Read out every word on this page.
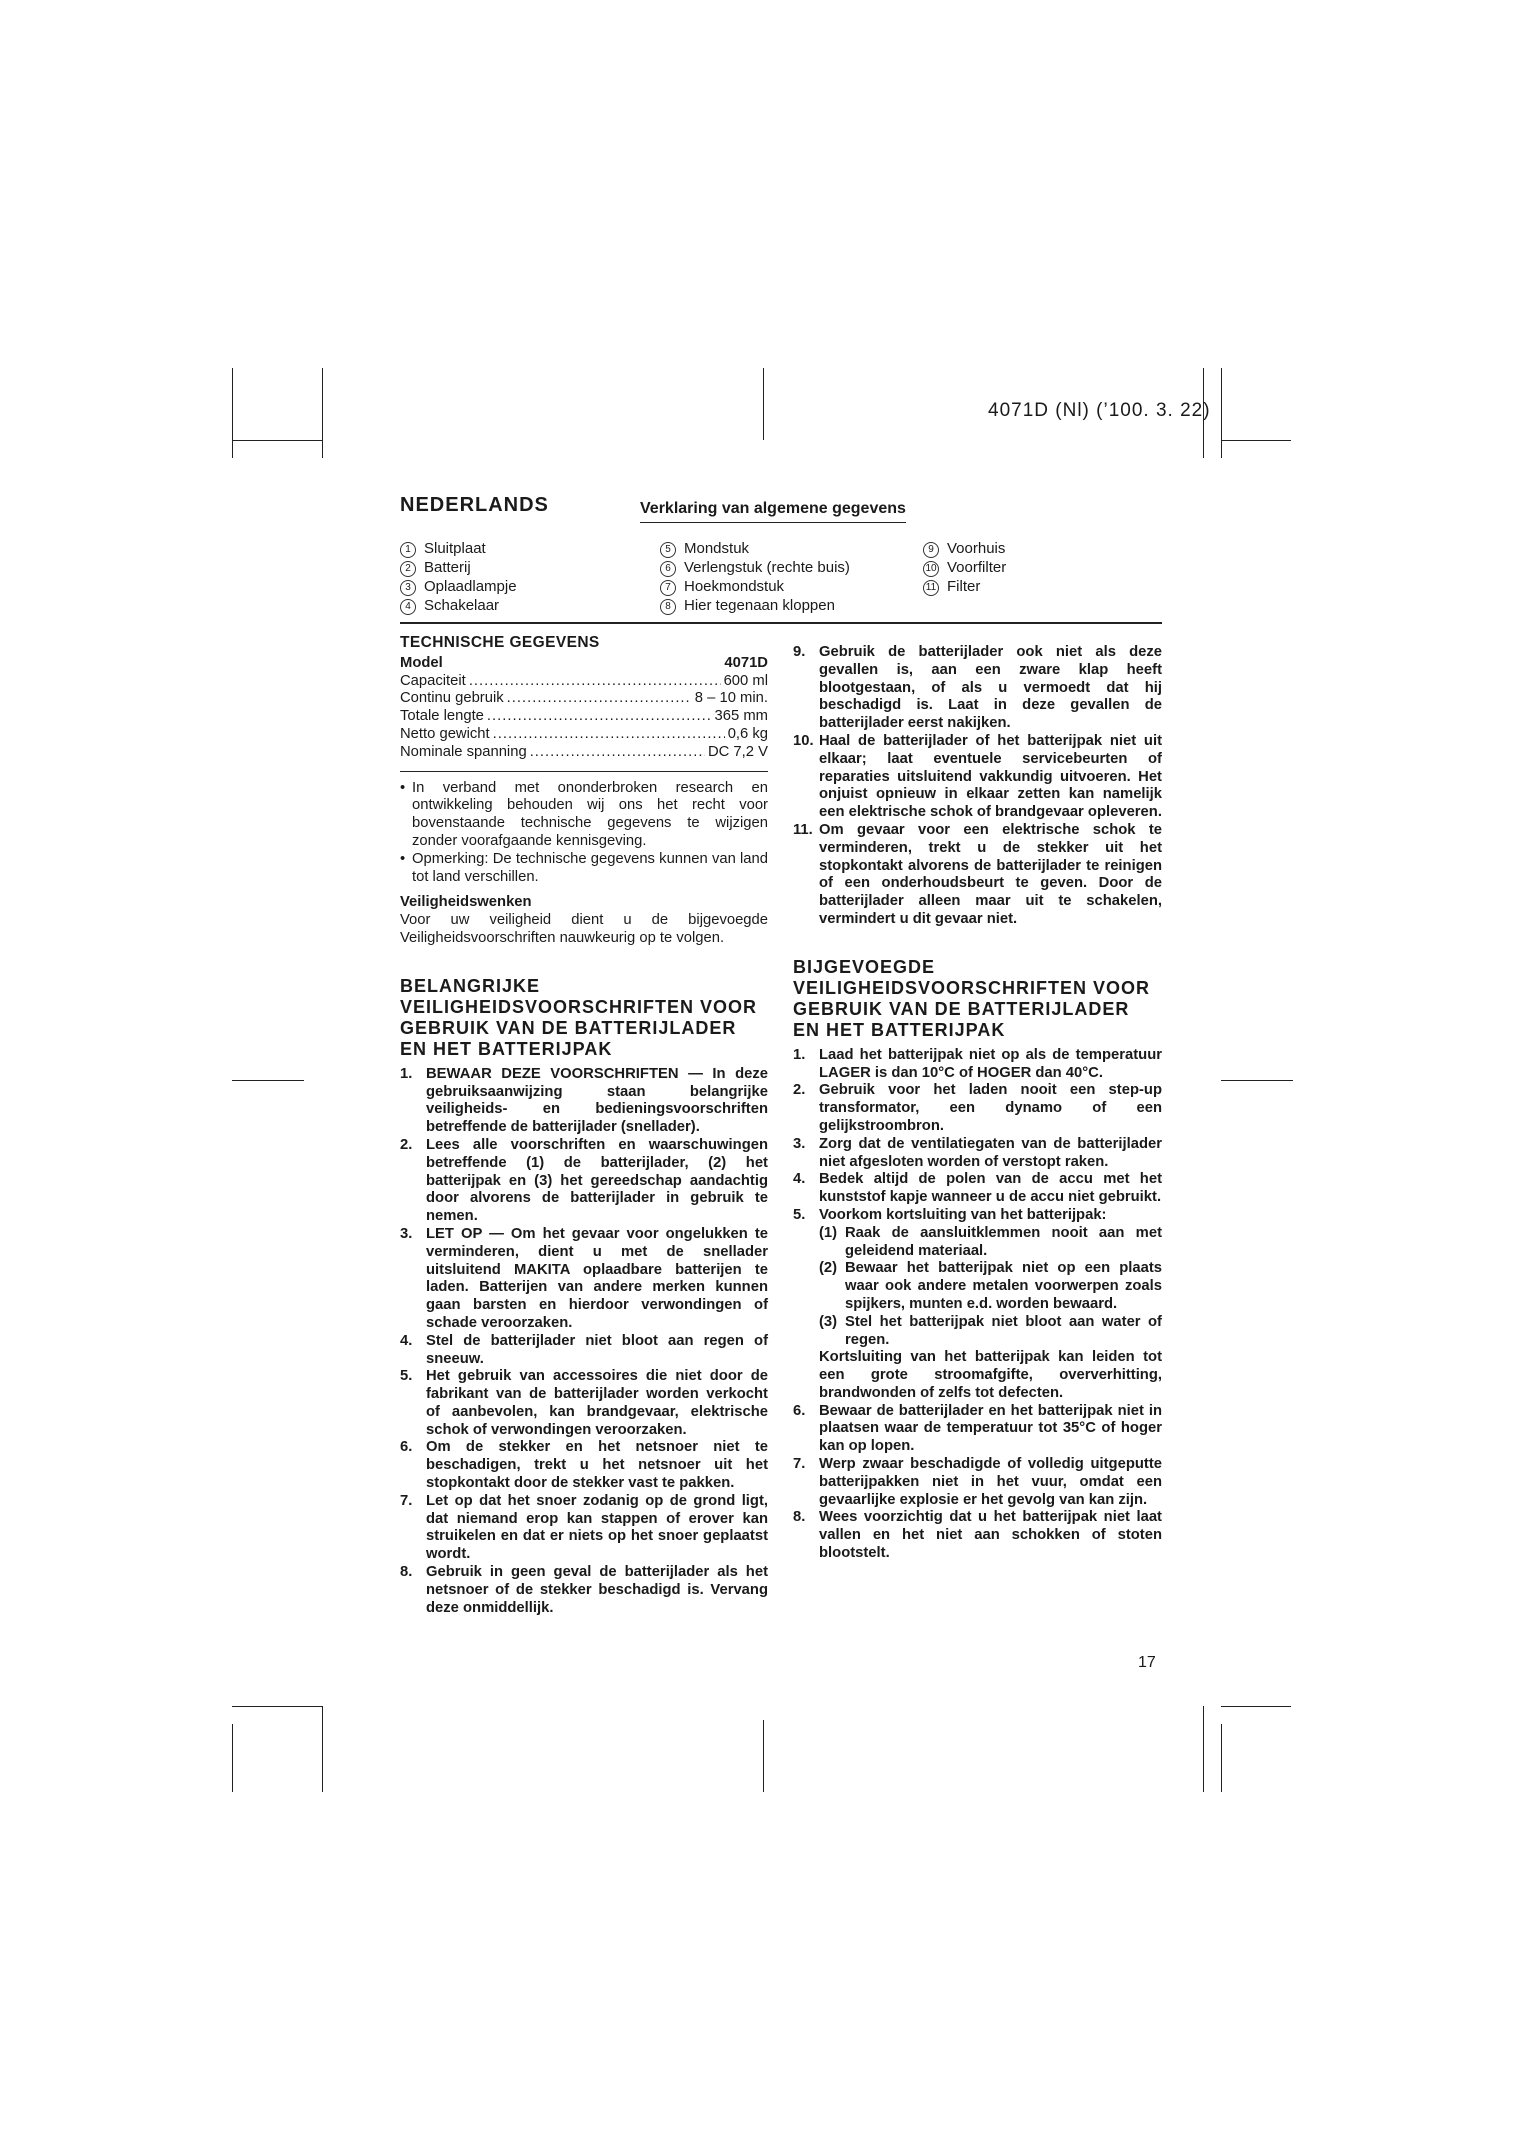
4071D (Nl) (’100. 3. 22)
NEDERLANDS	Verklaring van algemene gegevens
1 Sluitplaat
2 Batterij
3 Oplaadlampje
4 Schakelaar
5 Mondstuk
6 Verlengstuk (rechte buis)
7 Hoekmondstuk
8 Hier tegenaan kloppen
9 Voorhuis
10 Voorfilter
11 Filter
TECHNISCHE GEGEVENS
Model	4071D
Capaciteit .....	600 ml
Continu gebruik .....	8 – 10 min.
Totale lengte .....	365 mm
Netto gewicht .....	0,6 kg
Nominale spanning .....	DC 7,2 V
• In verband met ononderbroken research en ontwikkeling behouden wij ons het recht voor bovenstaande technische gegevens te wijzigen zonder voorafgaande kennisgeving.
• Opmerking: De technische gegevens kunnen van land tot land verschillen.
Veiligheidswenken
Voor uw veiligheid dient u de bijgevoegde Veiligheidsvoorschriften nauwkeurig op te volgen.
BELANGRIJKE VEILIGHEIDSVOORSCHRIFTEN VOOR GEBRUIK VAN DE BATTERIJLADER EN HET BATTERIJPAK
1. BEWAAR DEZE VOORSCHRIFTEN — In deze gebruiksaanwijzing staan belangrijke veiligheids- en bedieningsvoorschriften betreffende de batterijlader (snellader).
2. Lees alle voorschriften en waarschuwingen betreffende (1) de batterijlader, (2) het batterijpak en (3) het gereedschap aandachtig door alvorens de batterijlader in gebruik te nemen.
3. LET OP — Om het gevaar voor ongelukken te verminderen, dient u met de snellader uitsluitend MAKITA oplaadbare batterijen te laden. Batterijen van andere merken kunnen gaan barsten en hierdoor verwondingen of schade veroorzaken.
4. Stel de batterijlader niet bloot aan regen of sneeuw.
5. Het gebruik van accessoires die niet door de fabrikant van de batterijlader worden verkocht of aanbevolen, kan brandgevaar, elektrische schok of verwondingen veroorzaken.
6. Om de stekker en het netsnoer niet te beschadigen, trekt u het netsnoer uit het stopkontakt door de stekker vast te pakken.
7. Let op dat het snoer zodanig op de grond ligt, dat niemand erop kan stappen of erover kan struikelen en dat er niets op het snoer geplaatst wordt.
8. Gebruik in geen geval de batterijlader als het netsnoer of de stekker beschadigd is. Vervang deze onmiddellijk.
9. Gebruik de batterijlader ook niet als deze gevallen is, aan een zware klap heeft blootgestaan, of als u vermoedt dat hij beschadigd is. Laat in deze gevallen de batterijlader eerst nakijken.
10. Haal de batterijlader of het batterijpak niet uit elkaar; laat eventuele servicebeurten of reparaties uitsluitend vakkundig uitvoeren. Het onjuist opnieuw in elkaar zetten kan namelijk een elektrische schok of brandgevaar opleveren.
11. Om gevaar voor een elektrische schok te verminderen, trekt u de stekker uit het stopkontakt alvorens de batterijlader te reinigen of een onderhoudsbeurt te geven. Door de batterijlader alleen maar uit te schakelen, vermindert u dit gevaar niet.
BIJGEVOEGDE VEILIGHEIDSVOORSCHRIFTEN VOOR GEBRUIK VAN DE BATTERIJLADER EN HET BATTERIJPAK
1. Laad het batterijpak niet op als de temperatuur LAGER is dan 10°C of HOGER dan 40°C.
2. Gebruik voor het laden nooit een step-up transformator, een dynamo of een gelijkstroombron.
3. Zorg dat de ventilatiegaten van de batterijlader niet afgesloten worden of verstopt raken.
4. Bedek altijd de polen van de accu met het kunststof kapje wanneer u de accu niet gebruikt.
5. Voorkom kortsluiting van het batterijpak:
(1) Raak de aansluitklemmen nooit aan met geleidend materiaal.
(2) Bewaar het batterijpak niet op een plaats waar ook andere metalen voorwerpen zoals spijkers, munten e.d. worden bewaard.
(3) Stel het batterijpak niet bloot aan water of regen.
Kortsluiting van het batterijpak kan leiden tot een grote stroomafgifte, oververhitting, brandwonden of zelfs tot defecten.
6. Bewaar de batterijlader en het batterijpak niet in plaatsen waar de temperatuur tot 35°C of hoger kan op lopen.
7. Werp zwaar beschadigde of volledig uitgeputte batterijpakken niet in het vuur, omdat een gevaarlijke explosie er het gevolg van kan zijn.
8. Wees voorzichtig dat u het batterijpak niet laat vallen en het niet aan schokken of stoten blootstelt.
17
